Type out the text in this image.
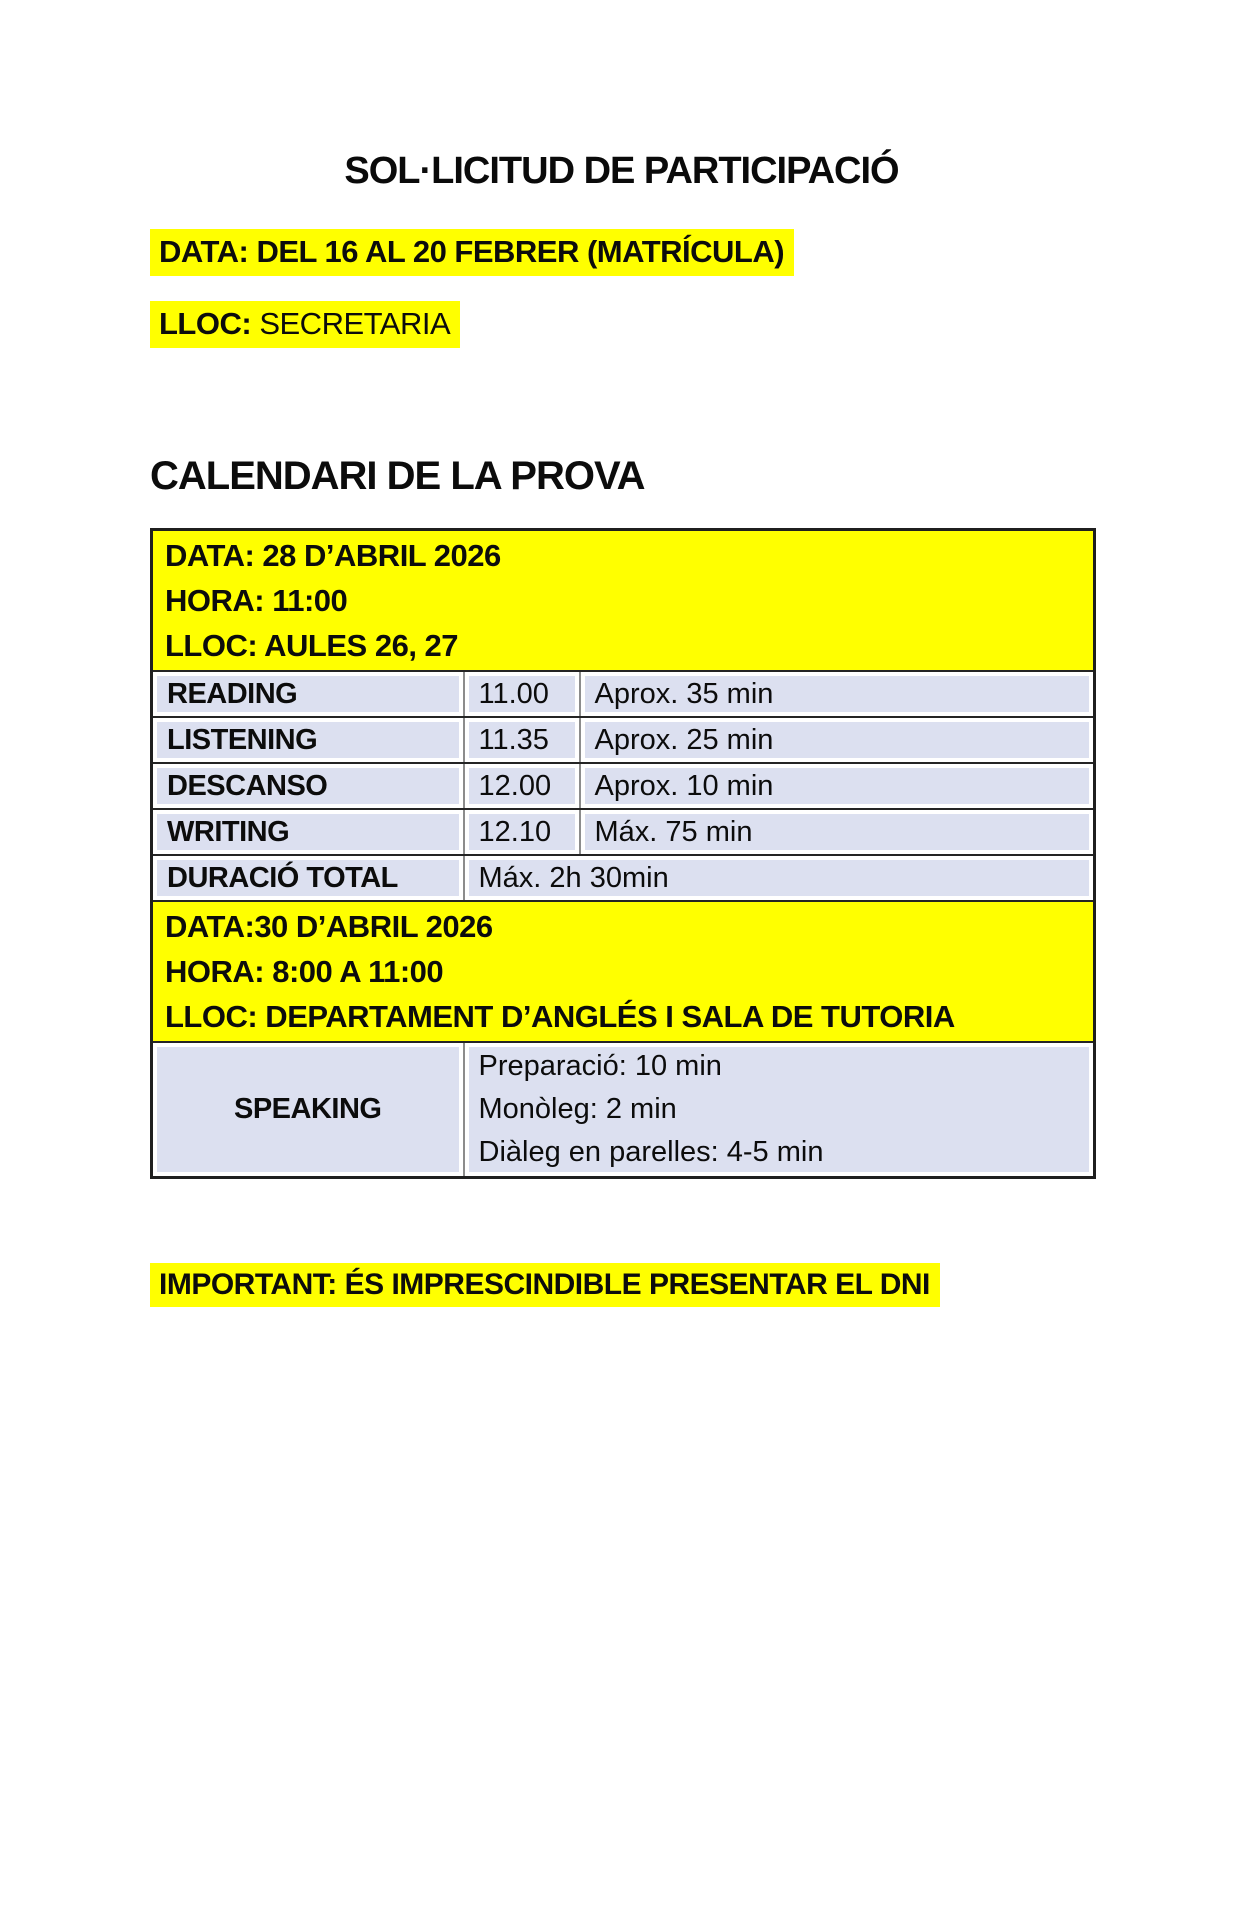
SOL·LICITUD DE PARTICIPACIÓ
DATA: DEL 16 AL 20 FEBRER (MATRÍCULA)
LLOC: SECRETARIA
CALENDARI DE LA PROVA
DATA: 28 D’ABRIL 2026
HORA: 11:00
LLOC: AULES 26, 27		

READING	11.00	Aprox. 35 min
LISTENING	11.35	Aprox. 25 min
DESCANSO	12.00	Aprox. 10 min
WRITING	12.10	Máx. 75 min
DURACIÓ TOTAL	Máx. 2h 30min	

DATA:30 D’ABRIL 2026
HORA: 8:00 A 11:00
LLOC: DEPARTAMENT D’ANGLÉS I SALA DE TUTORIA		

SPEAKING	Preparació: 10 min
Monòleg: 2 min
Diàleg en parelles: 4-5 min	
IMPORTANT: ÉS IMPRESCINDIBLE PRESENTAR EL DNI
